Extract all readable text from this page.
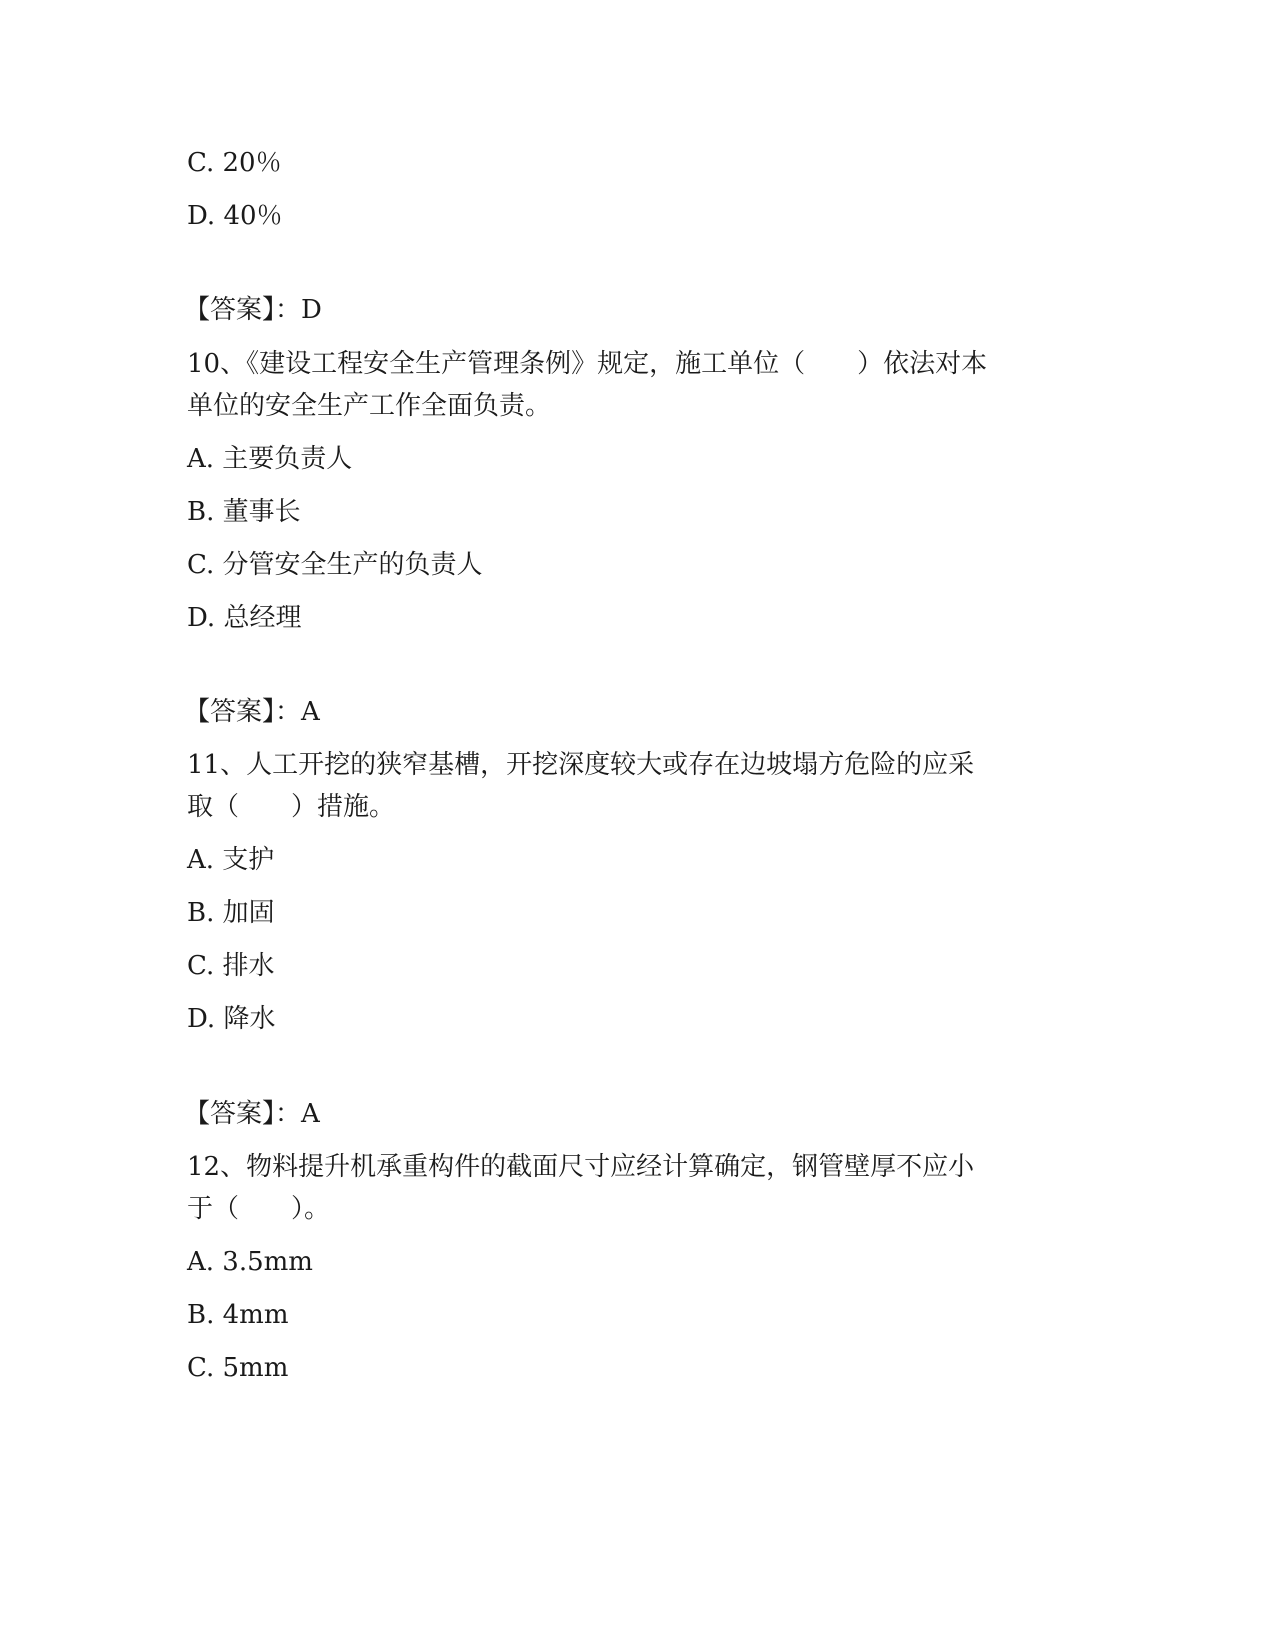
C. 20％
D. 40％
【答案】：D
10、《建设工程安全生产管理条例》规定，施工单位（　　）依法对本
单位的安全生产工作全面负责。
A. 主要负责人
B. 董事长
C. 分管安全生产的负责人
D. 总经理
【答案】：A
11、人工开挖的狭窄基槽，开挖深度较大或存在边坡塌方危险的应采
取（　　）措施。
A. 支护
B. 加固
C. 排水
D. 降水
【答案】：A
12、物料提升机承重构件的截面尺寸应经计算确定，钢管壁厚不应小
于（　　）。
A. 3.5mm
B. 4mm
C. 5mm
